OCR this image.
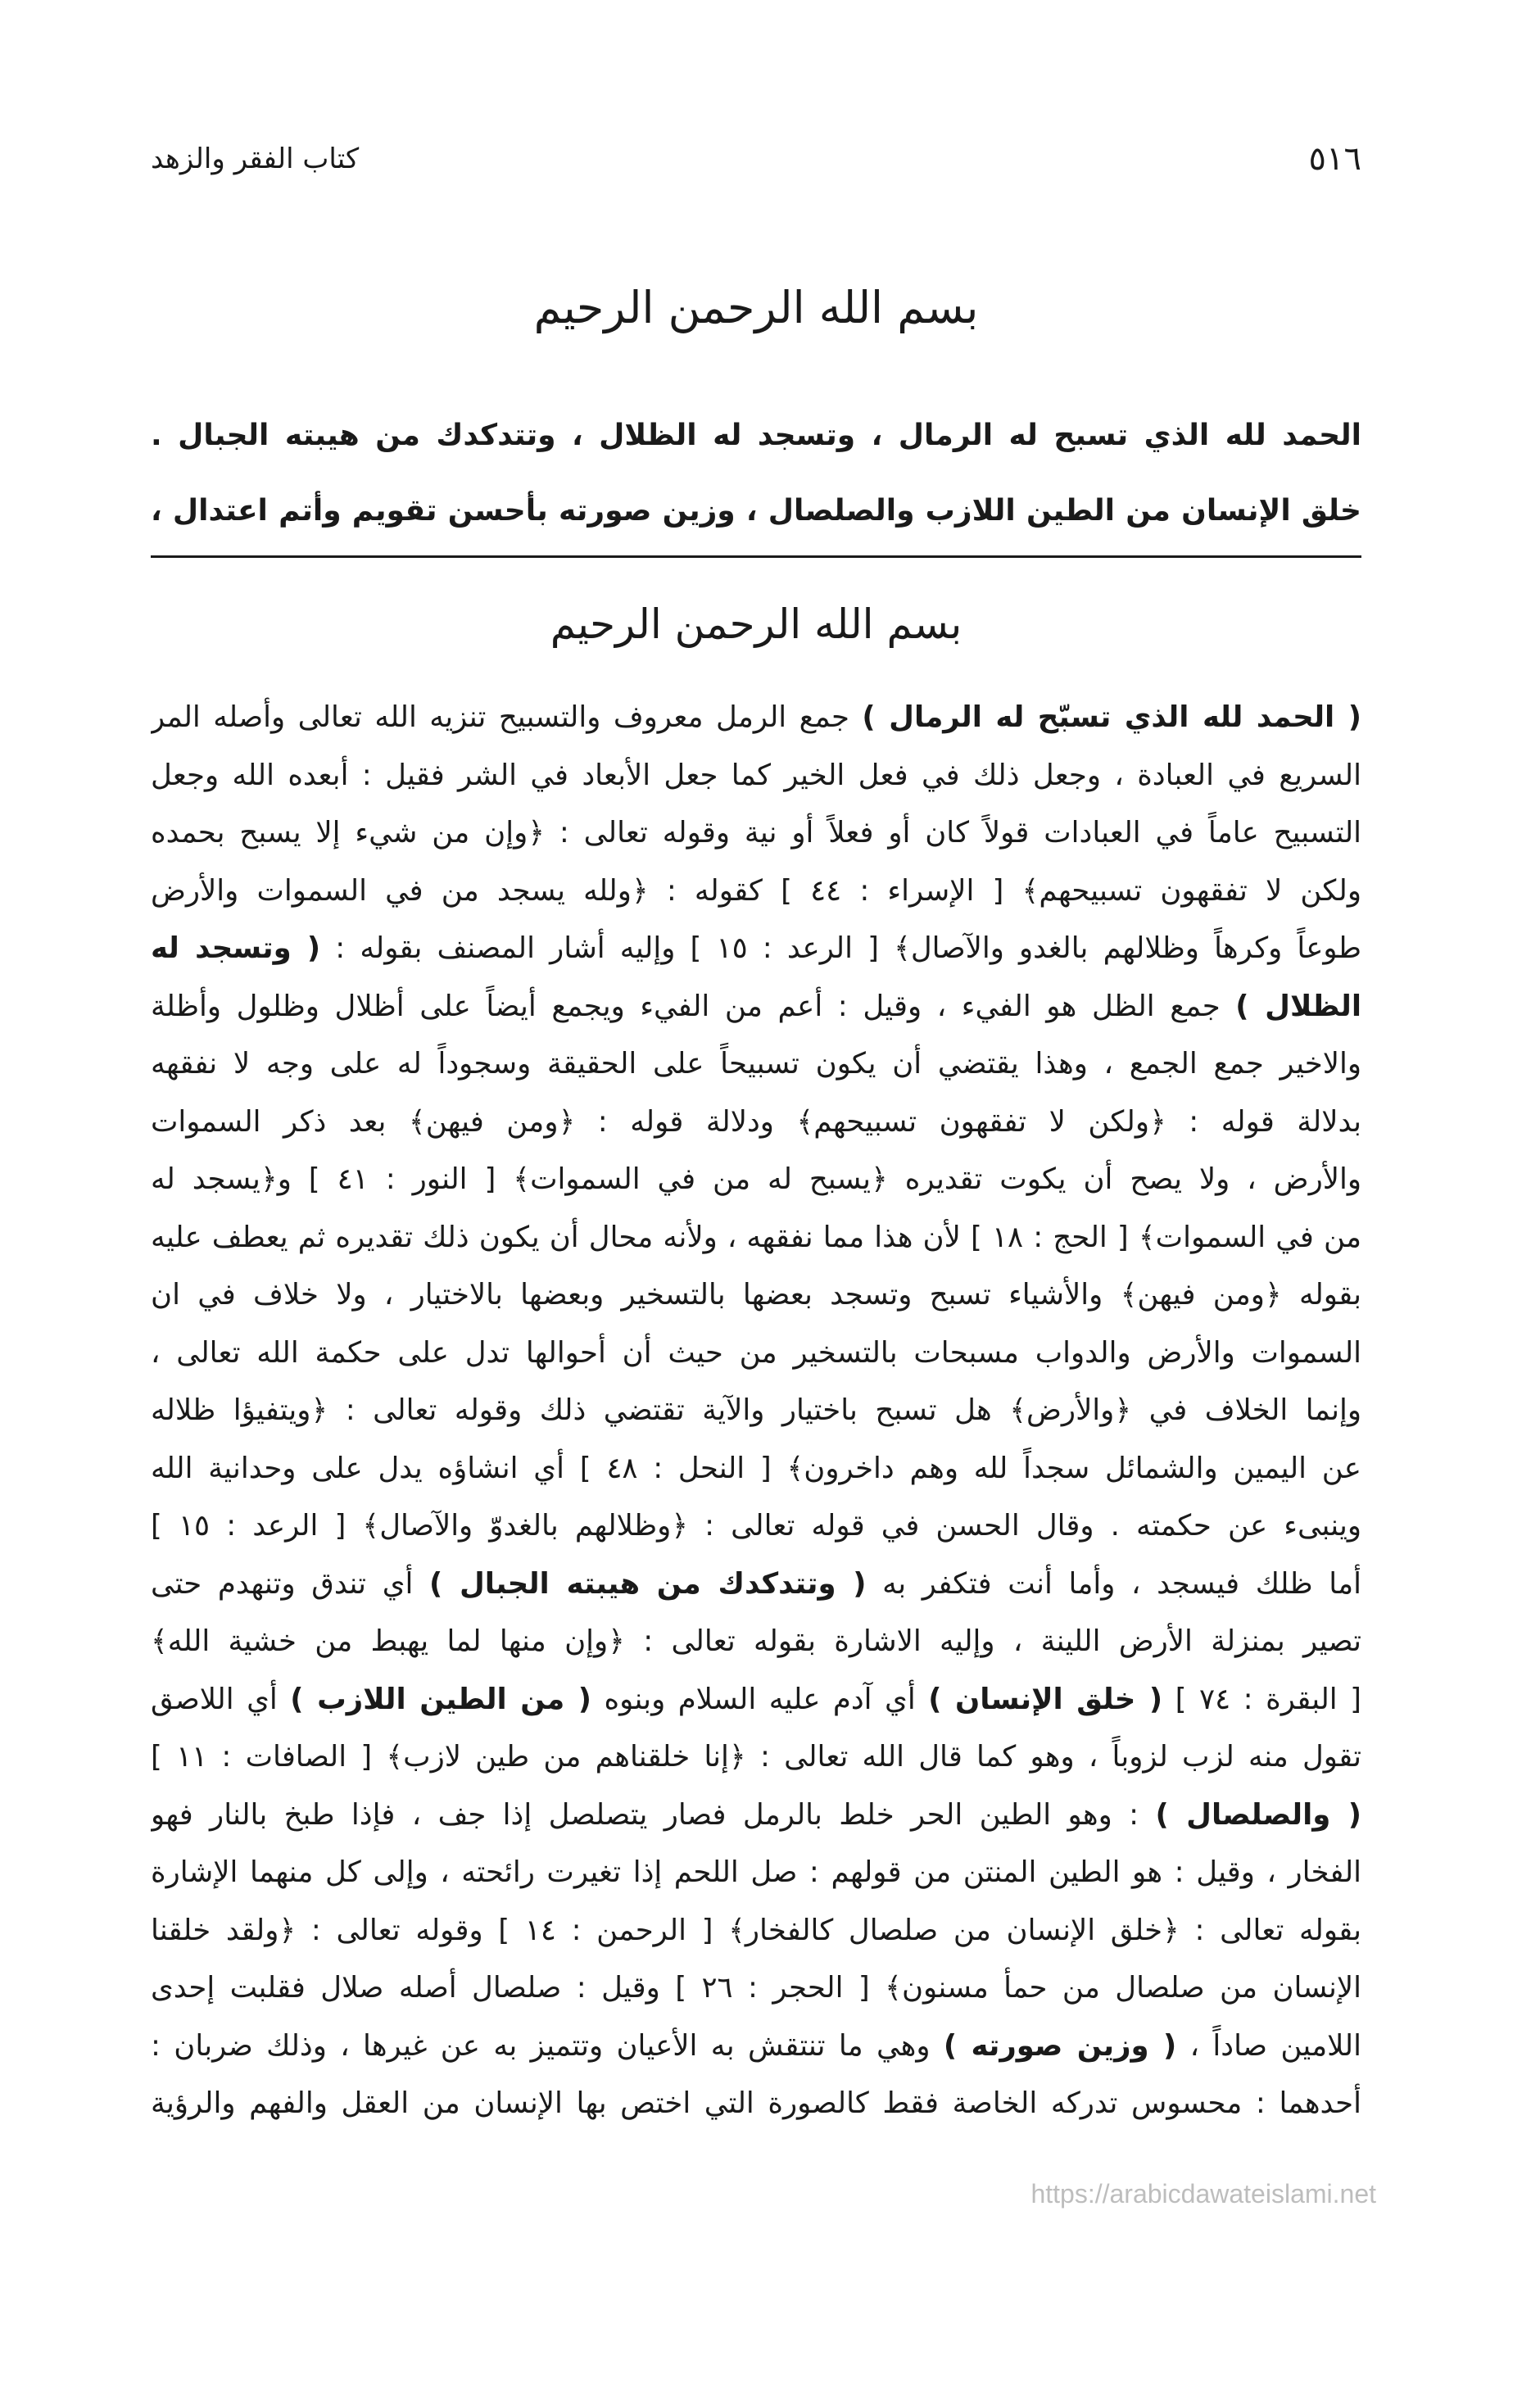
٥١٦
كتاب الفقر والزهد
بسم الله الرحمن الرحيم
الحمد لله الذي تسبح له الرمال ، وتسجد له الظلال ، وتتدكدك من هيبته الجبال .
خلق الإنسان من الطين اللازب والصلصال ، وزين صورته بأحسن تقويم وأتم اعتدال ،
بسم الله الرحمن الرحيم
( الحمد لله الذي تسبّح له الرمال ) جمع الرمل معروف والتسبيح تنزيه الله تعالى وأصله المر
السريع في العبادة ، وجعل ذلك في فعل الخير كما جعل الأبعاد في الشر فقيل : أبعده الله وجعل
التسبيح عاماً في العبادات قولاً كان أو فعلاً أو نية وقوله تعالى : ﴿وإن من شيء إلا يسبح بحمده
ولكن لا تفقهون تسبيحهم﴾ [ الإسراء : ٤٤ ] كقوله : ﴿ولله يسجد من في السموات والأرض
طوعاً وكرهاً وظلالهم بالغدو والآصال﴾ [ الرعد : ١٥ ] وإليه أشار المصنف بقوله : ( وتسجد له
الظلال ) جمع الظل هو الفيء ، وقيل : أعم من الفيء ويجمع أيضاً على أظلال وظلول وأظلة
والاخير جمع الجمع ، وهذا يقتضي أن يكون تسبيحاً على الحقيقة وسجوداً له على وجه لا نفقهه
بدلالة قوله : ﴿ولكن لا تفقهون تسبيحهم﴾ ودلالة قوله : ﴿ومن فيهن﴾ بعد ذكر السموات
والأرض ، ولا يصح أن يكوت تقديره ﴿يسبح له من في السموات﴾ [ النور : ٤١ ] و﴿يسجد له
من في السموات﴾ [ الحج : ١٨ ] لأن هذا مما نفقهه ، ولأنه محال أن يكون ذلك تقديره ثم يعطف عليه
بقوله ﴿ومن فيهن﴾ والأشياء تسبح وتسجد بعضها بالتسخير وبعضها بالاختيار ، ولا خلاف في ان
السموات والأرض والدواب مسبحات بالتسخير من حيث أن أحوالها تدل على حكمة الله تعالى ،
وإنما الخلاف في ﴿والأرض﴾ هل تسبح باختيار والآية تقتضي ذلك وقوله تعالى : ﴿ويتفيؤا ظلاله
عن اليمين والشمائل سجداً لله وهم داخرون﴾ [ النحل : ٤٨ ] أي انشاؤه يدل على وحدانية الله
وينبىء عن حكمته . وقال الحسن في قوله تعالى : ﴿وظلالهم بالغدوّ والآصال﴾ [ الرعد : ١٥ ]
أما ظلك فيسجد ، وأما أنت فتكفر به ( وتتدكدك من هيبته الجبال ) أي تندق وتنهدم حتى
تصير بمنزلة الأرض اللينة ، وإليه الاشارة بقوله تعالى : ﴿وإن منها لما يهبط من خشية الله﴾
[ البقرة : ٧٤ ] ( خلق الإنسان ) أي آدم عليه السلام وبنوه ( من الطين اللازب ) أي اللاصق
تقول منه لزب لزوباً ، وهو كما قال الله تعالى : ﴿إنا خلقناهم من طين لازب﴾ [ الصافات : ١١ ]
( والصلصال ) : وهو الطين الحر خلط بالرمل فصار يتصلصل إذا جف ، فإذا طبخ بالنار فهو
الفخار ، وقيل : هو الطين المنتن من قولهم : صل اللحم إذا تغيرت رائحته ، وإلى كل منهما الإشارة
بقوله تعالى : ﴿خلق الإنسان من صلصال كالفخار﴾ [ الرحمن : ١٤ ] وقوله تعالى : ﴿ولقد خلقنا
الإنسان من صلصال من حمأ مسنون﴾ [ الحجر : ٢٦ ] وقيل : صلصال أصله صلال فقلبت إحدى
اللامين صاداً ، ( وزين صورته ) وهي ما تنتقش به الأعيان وتتميز به عن غيرها ، وذلك ضربان :
أحدهما : محسوس تدركه الخاصة فقط كالصورة التي اختص بها الإنسان من العقل والفهم والرؤية
https://arabicdawateislami.net
